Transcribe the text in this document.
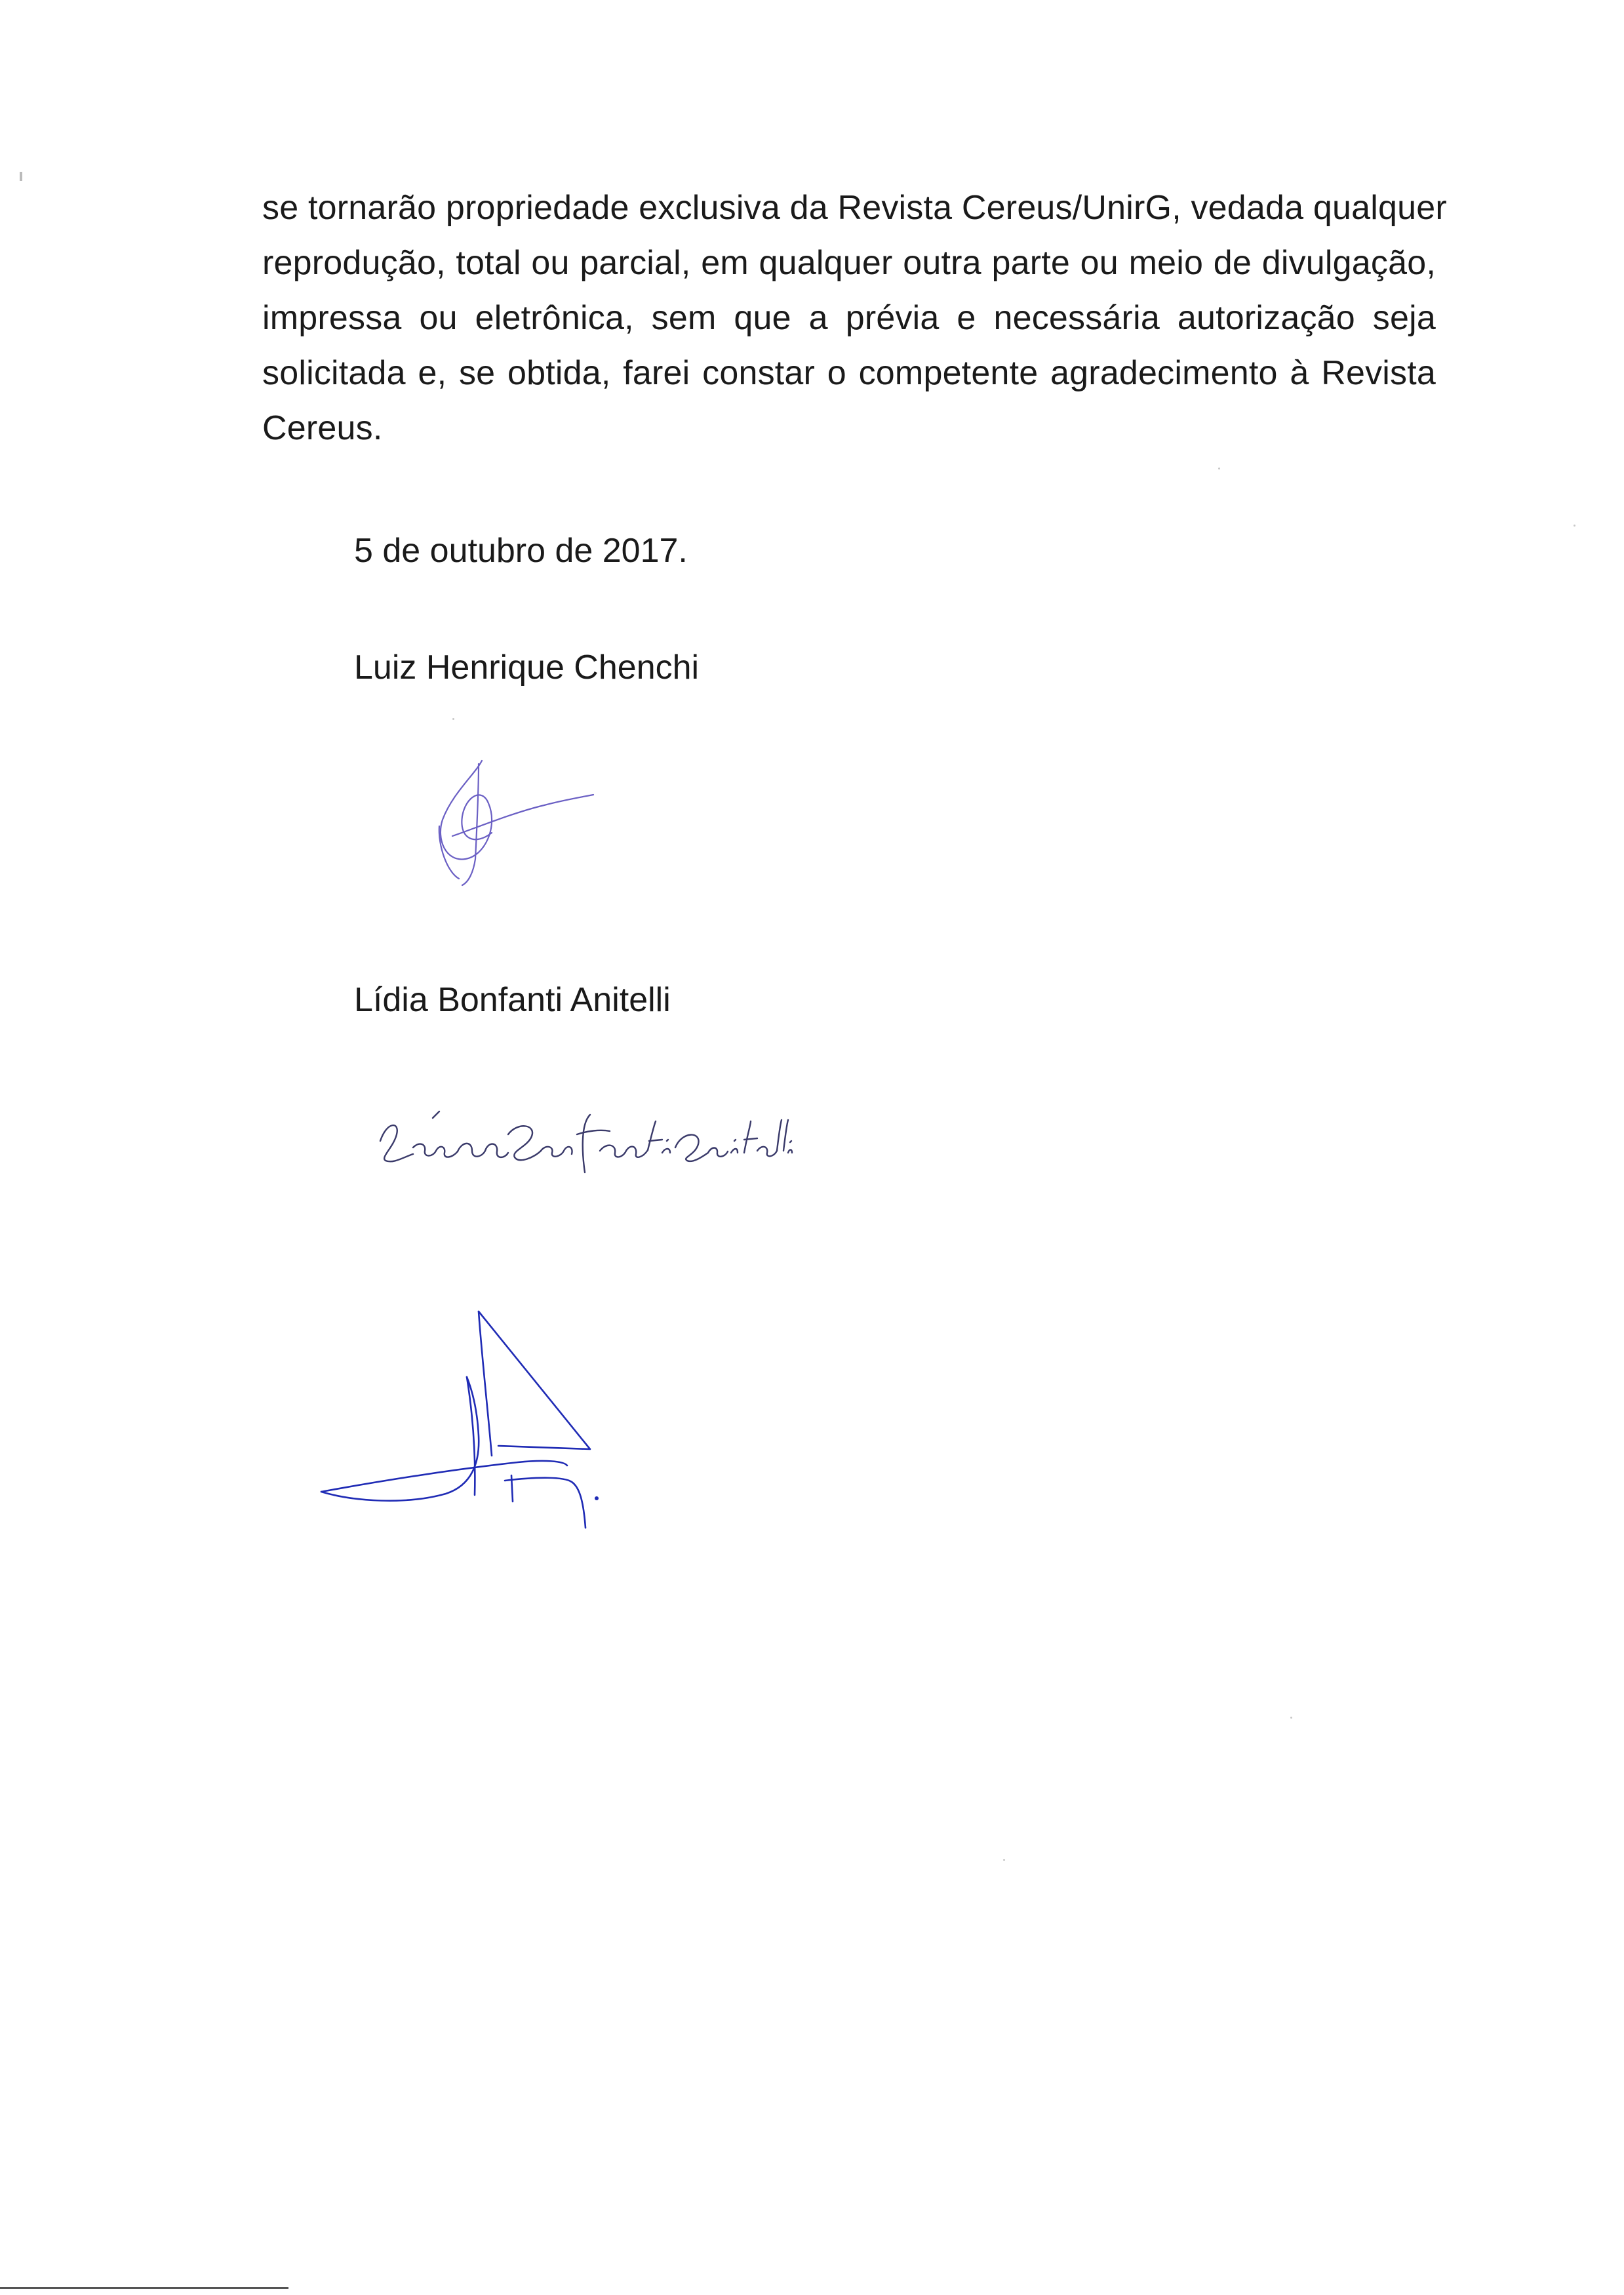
se tornarão propriedade exclusiva da Revista Cereus/UnirG, vedada qualquer
reprodução, total ou parcial, em qualquer outra parte ou meio de divulgação,
impressa ou eletrônica, sem que a prévia e necessária autorização seja
solicitada e, se obtida, farei constar o competente agradecimento à Revista
Cereus.

5 de outubro de 2017.

Luiz Henrique Chenchi

Lídia Bonfanti Anitelli
